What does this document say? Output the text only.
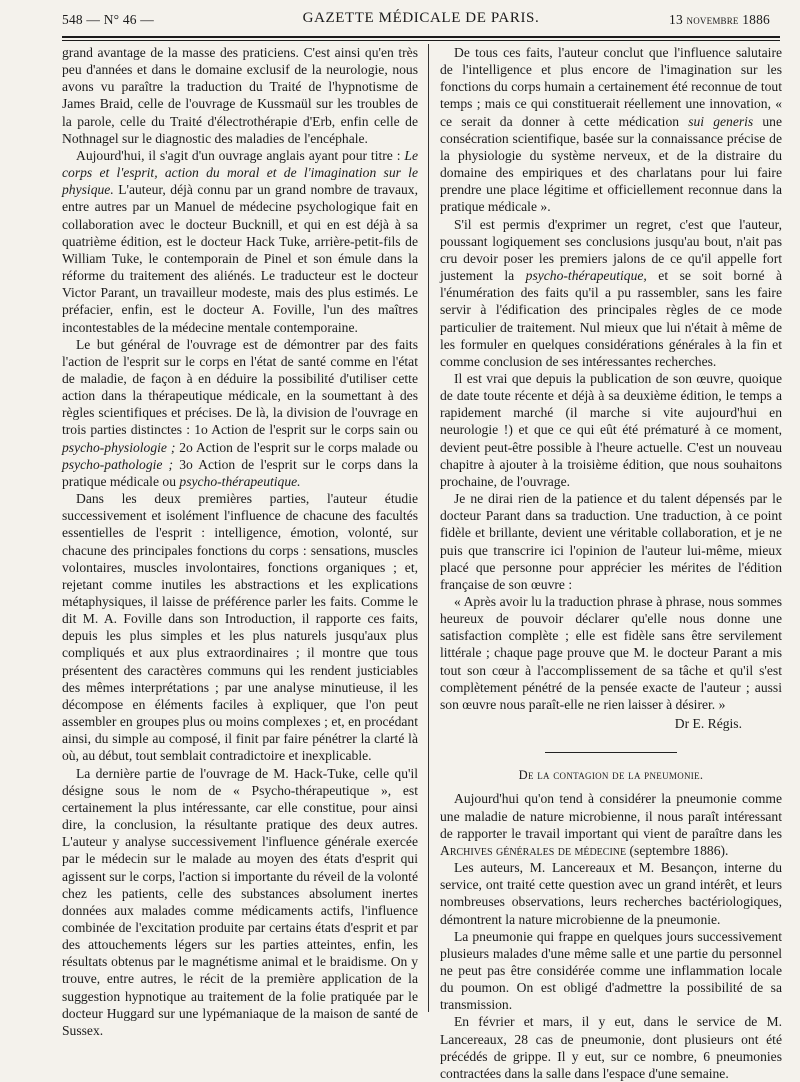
548 — N° 46 —	GAZETTE MÉDICALE DE PARIS.	13 novembre 1886

grand avantage de la masse des praticiens. C'est ainsi qu'en très peu d'années et dans le domaine exclusif de la neurologie, nous avons vu paraître la traduction du Traité de l'hypnotisme de James Braid, celle de l'ouvrage de Kussmaül sur les troubles de la parole, celle du Traité d'électrothérapie d'Erb, enfin celle de Nothnagel sur le diagnostic des maladies de l'encéphale.

Aujourd'hui, il s'agit d'un ouvrage anglais ayant pour titre : Le corps et l'esprit, action du moral et de l'imagination sur le physique. L'auteur, déjà connu par un grand nombre de travaux, entre autres par un Manuel de médecine psychologique fait en collaboration avec le docteur Bucknill, et qui en est déjà à sa quatrième édition, est le docteur Hack Tuke, arrière-petit-fils de William Tuke, le contemporain de Pinel et son émule dans la réforme du traitement des aliénés. Le traducteur est le docteur Victor Parant, un travailleur modeste, mais des plus estimés. Le préfacier, enfin, est le docteur A. Foville, l'un des maîtres incontestables de la médecine mentale contemporaine.

Le but général de l'ouvrage est de démontrer par des faits l'action de l'esprit sur le corps en l'état de santé comme en l'état de maladie, de façon à en déduire la possibilité d'utiliser cette action dans la thérapeutique médicale, en la soumettant à des règles scientifiques et précises. De là, la division de l'ouvrage en trois parties distinctes : 1o Action de l'esprit sur le corps sain ou psycho-physiologie ; 2o Action de l'esprit sur le corps malade ou psycho-pathologie ; 3o Action de l'esprit sur le corps dans la pratique médicale ou psycho-thérapeutique.

Dans les deux premières parties, l'auteur étudie successivement et isolément l'influence de chacune des facultés essentielles de l'esprit : intelligence, émotion, volonté, sur chacune des principales fonctions du corps : sensations, muscles volontaires, muscles involontaires, fonctions organiques ; et, rejetant comme inutiles les abstractions et les explications métaphysiques, il laisse de préférence parler les faits. Comme le dit M. A. Foville dans son Introduction, il rapporte ces faits, depuis les plus simples et les plus naturels jusqu'aux plus compliqués et aux plus extraordinaires ; il montre que tous présentent des caractères communs qui les rendent justiciables des mêmes interprétations ; par une analyse minutieuse, il les décompose en éléments faciles à expliquer, que l'on peut assembler en groupes plus ou moins complexes ; et, en procédant ainsi, du simple au composé, il finit par faire pénétrer la clarté là où, au début, tout semblait contradictoire et inexplicable.

La dernière partie de l'ouvrage de M. Hack-Tuke, celle qu'il désigne sous le nom de « Psycho-thérapeutique », est certainement la plus intéressante, car elle constitue, pour ainsi dire, la conclusion, la résultante pratique des deux autres. L'auteur y analyse successivement l'influence générale exercée par le médecin sur le malade au moyen des états d'esprit qui agissent sur le corps, l'action si importante du réveil de la volonté chez les patients, celle des substances absolument inertes données aux malades comme médicaments actifs, l'influence combinée de l'excitation produite par certains états d'esprit et par des attouchements légers sur les parties atteintes, enfin, les résultats obtenus par le magnétisme animal et le braidisme. On y trouve, entre autres, le récit de la première application de la suggestion hypnotique au traitement de la folie pratiquée par le docteur Huggard sur une lypémaniaque de la maison de santé de Sussex.

De tous ces faits, l'auteur conclut que l'influence salutaire de l'intelligence et plus encore de l'imagination sur les fonctions du corps humain a certainement été reconnue de tout temps ; mais ce qui constituerait réellement une innovation, « ce serait da donner à cette médication sui generis une consécration scientifique, basée sur la connaissance précise de la physiologie du système nerveux, et de la distraire du domaine des empiriques et des charlatans pour lui faire prendre une place légitime et officiellement reconnue dans la pratique médicale ».

S'il est permis d'exprimer un regret, c'est que l'auteur, poussant logiquement ses conclusions jusqu'au bout, n'ait pas cru devoir poser les premiers jalons de ce qu'il appelle fort justement la psycho-thérapeutique, et se soit borné à l'énumération des faits qu'il a pu rassembler, sans les faire servir à l'édification des principales règles de ce mode particulier de traitement. Nul mieux que lui n'était à même de les formuler en quelques considérations générales à la fin et comme conclusion de ses intéressantes recherches.

Il est vrai que depuis la publication de son œuvre, quoique de date toute récente et déjà à sa deuxième édition, le temps a rapidement marché (il marche si vite aujourd'hui en neurologie !) et que ce qui eût été prématuré à ce moment, devient peut-être possible à l'heure actuelle. C'est un nouveau chapitre à ajouter à la troisième édition, que nous souhaitons prochaine, de l'ouvrage.

Je ne dirai rien de la patience et du talent dépensés par le docteur Parant dans sa traduction. Une traduction, à ce point fidèle et brillante, devient une véritable collaboration, et je ne puis que transcrire ici l'opinion de l'auteur lui-même, mieux placé que personne pour apprécier les mérites de l'édition française de son œuvre :

« Après avoir lu la traduction phrase à phrase, nous sommes heureux de pouvoir déclarer qu'elle nous donne une satisfaction complète ; elle est fidèle sans être servilement littérale ; chaque page prouve que M. le docteur Parant a mis tout son cœur à l'accomplissement de sa tâche et qu'il s'est complètement pénétré de la pensée exacte de l'auteur ; aussi son œuvre nous paraît-elle ne rien laisser à désirer. »

Dr E. Régis.
De la contagion de la pneumonie.

Aujourd'hui qu'on tend à considérer la pneumonie comme une maladie de nature microbienne, il nous paraît intéressant de rapporter le travail important qui vient de paraître dans les Archives générales de médecine (septembre 1886).

Les auteurs, M. Lancereaux et M. Besançon, interne du service, ont traité cette question avec un grand intérêt, et leurs nombreuses observations, leurs recherches bactériologiques, démontrent la nature microbienne de la pneumonie.

La pneumonie qui frappe en quelques jours successivement plusieurs malades d'une même salle et une partie du personnel ne peut pas être considérée comme une inflammation locale du poumon. On est obligé d'admettre la possibilité de sa transmission.

En février et mars, il y eut, dans le service de M. Lancereaux, 28 cas de pneumonie, dont plusieurs ont été précédés de grippe. Il y eut, sur ce nombre, 6 pneumonies contractées dans la salle dans l'espace d'une semaine.
